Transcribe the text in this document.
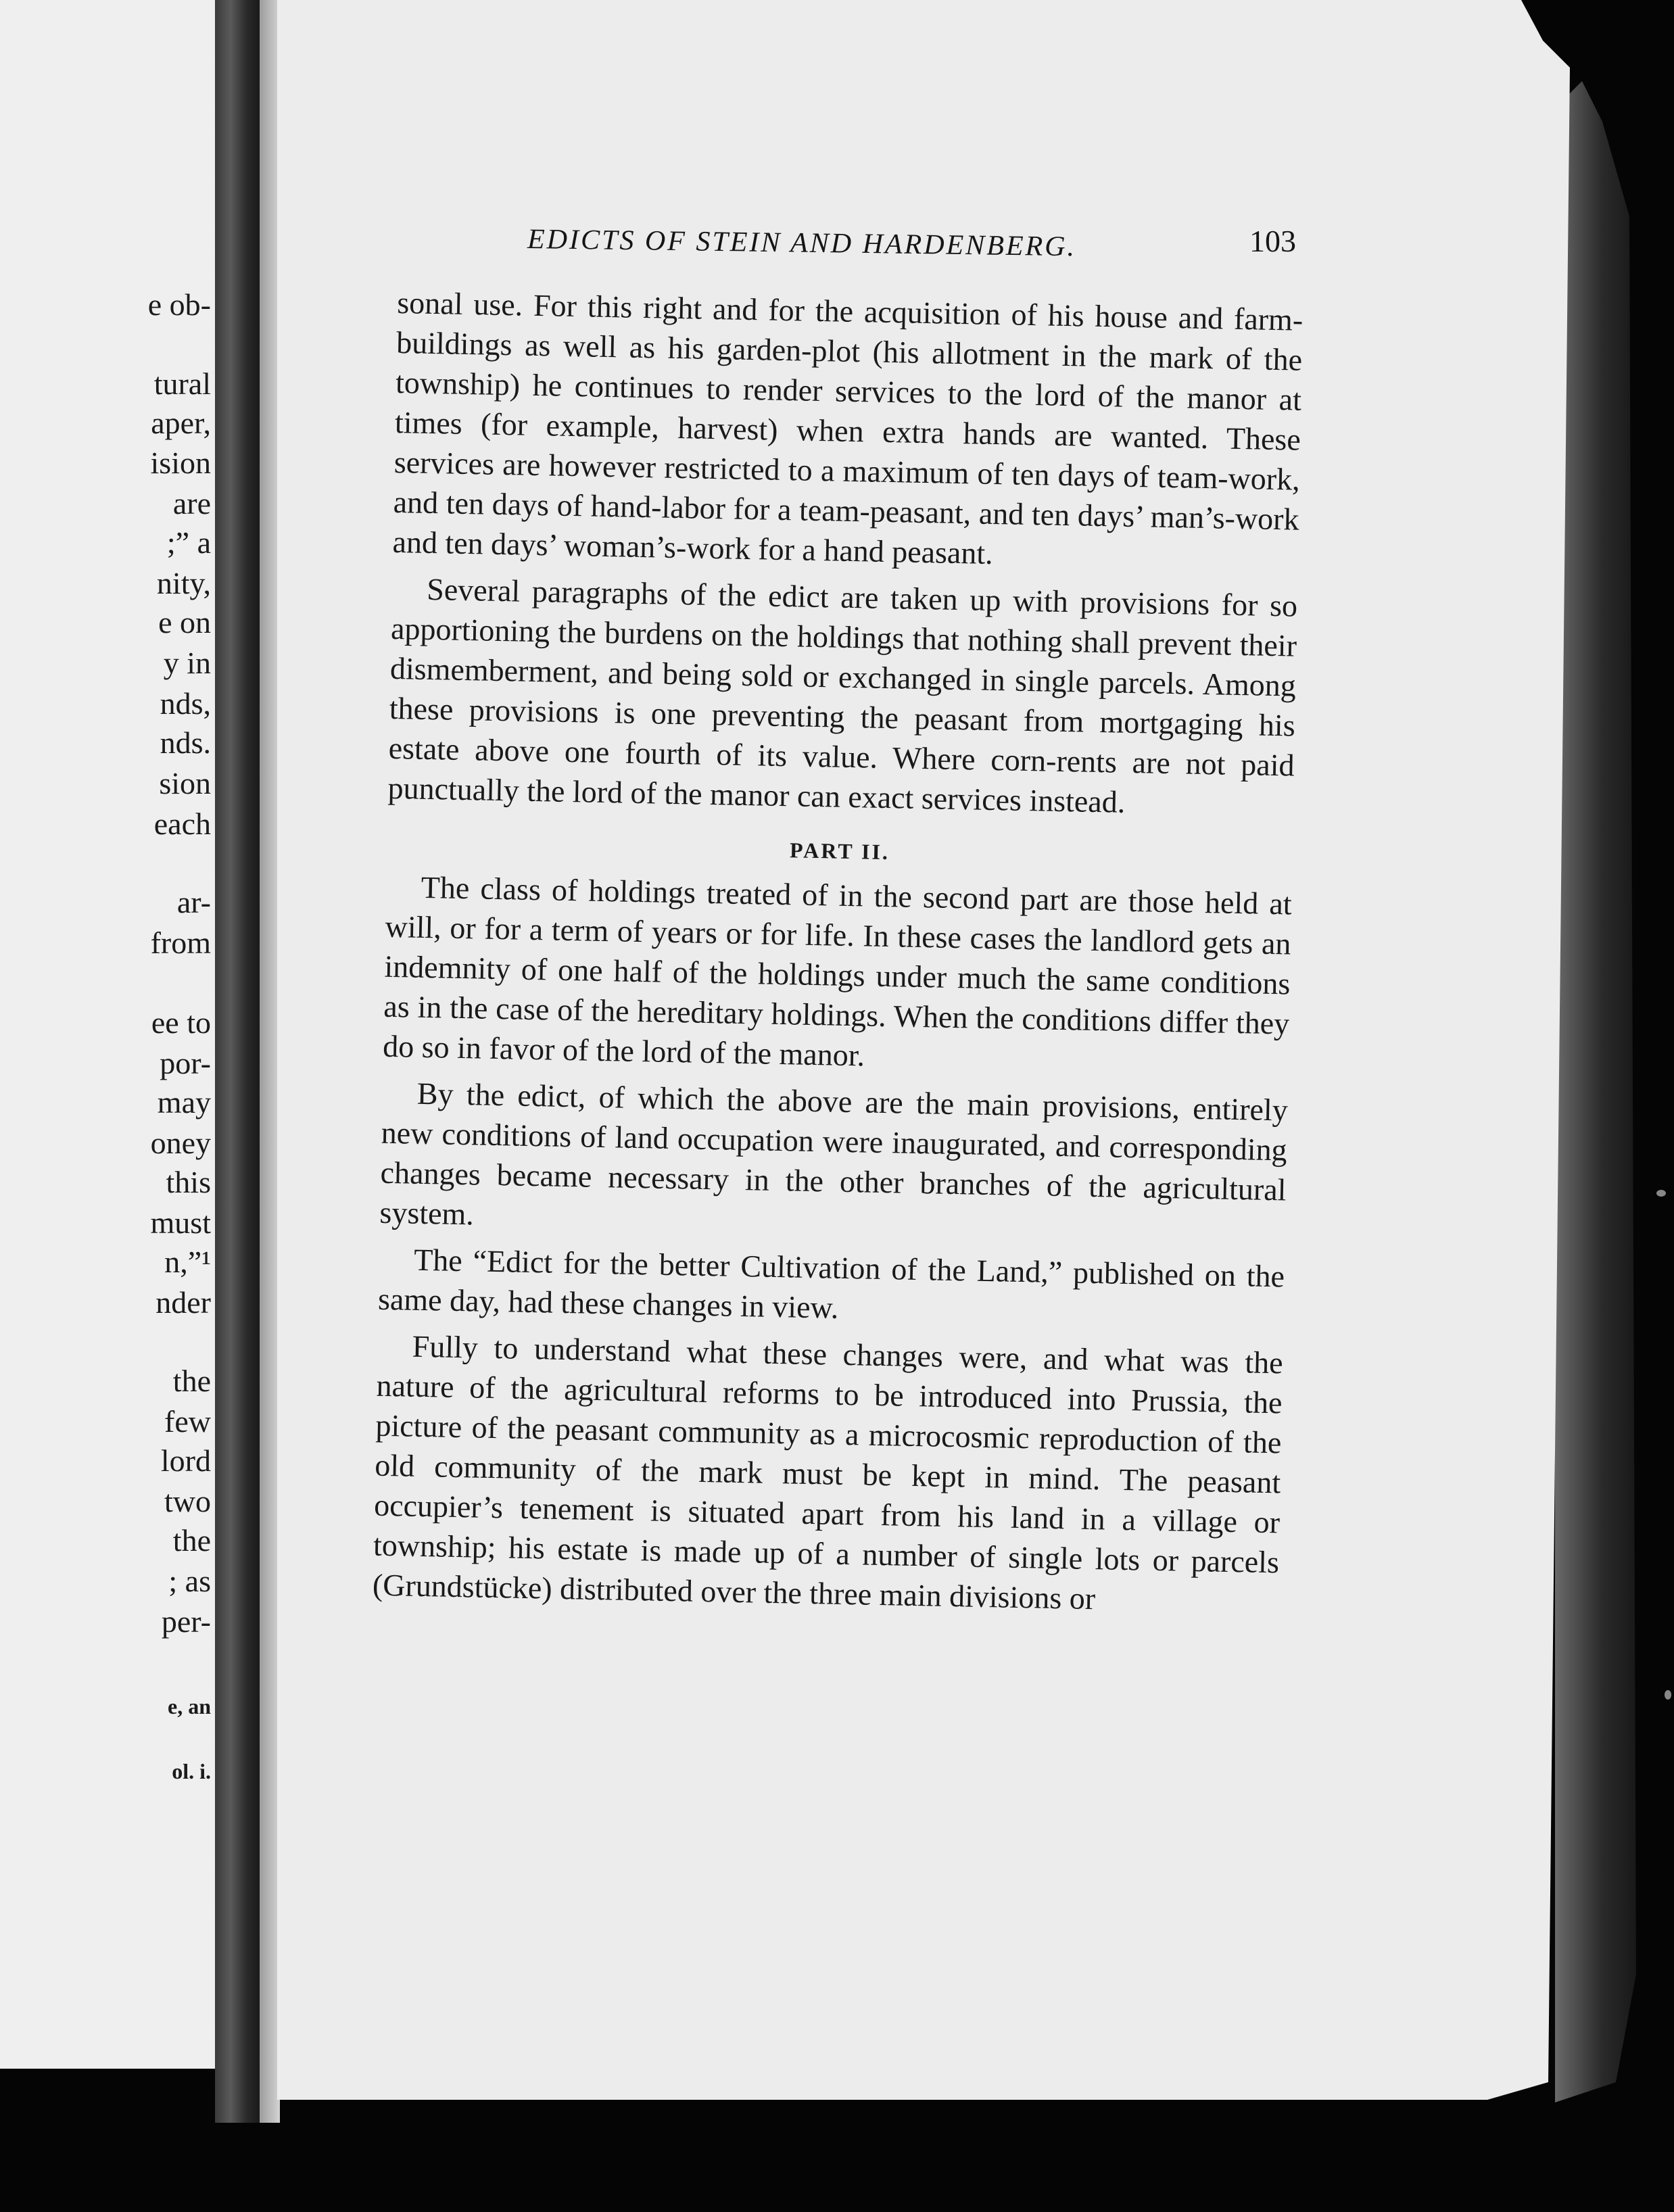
e ob-
tural
aper,
ision
are
;” a
nity,
e on
y in
nds,
nds.
sion
each
ar-
from
ee to
por-
may
oney
this
must
n,”¹
nder
the
few
lord
two
the
; as
per-
e, an
ol. i.
EDICTS OF STEIN AND HARDENBERG.	103

sonal use. For this right and for the acquisition of his house and farm-buildings as well as his garden-plot (his allotment in the mark of the township) he continues to render services to the lord of the manor at times (for example, harvest) when extra hands are wanted. These services are however restricted to a maximum of ten days of team-work, and ten days of hand-labor for a team-peasant, and ten days’ man’s-work and ten days’ woman’s-work for a hand peasant.

Several paragraphs of the edict are taken up with provisions for so apportioning the burdens on the holdings that nothing shall prevent their dismemberment, and being sold or exchanged in single parcels. Among these provisions is one preventing the peasant from mortgaging his estate above one fourth of its value. Where corn-rents are not paid punctually the lord of the manor can exact services instead.

PART II.

The class of holdings treated of in the second part are those held at will, or for a term of years or for life. In these cases the landlord gets an indemnity of one half of the holdings under much the same conditions as in the case of the hereditary holdings. When the conditions differ they do so in favor of the lord of the manor.

By the edict, of which the above are the main provisions, entirely new conditions of land occupation were inaugurated, and corresponding changes became necessary in the other branches of the agricultural system.

The “Edict for the better Cultivation of the Land,” published on the same day, had these changes in view.

Fully to understand what these changes were, and what was the nature of the agricultural reforms to be introduced into Prussia, the picture of the peasant community as a microcosmic reproduction of the old community of the mark must be kept in mind. The peasant occupier’s tenement is situated apart from his land in a village or township; his estate is made up of a number of single lots or parcels (Grundstücke) distributed over the three main divisions or
